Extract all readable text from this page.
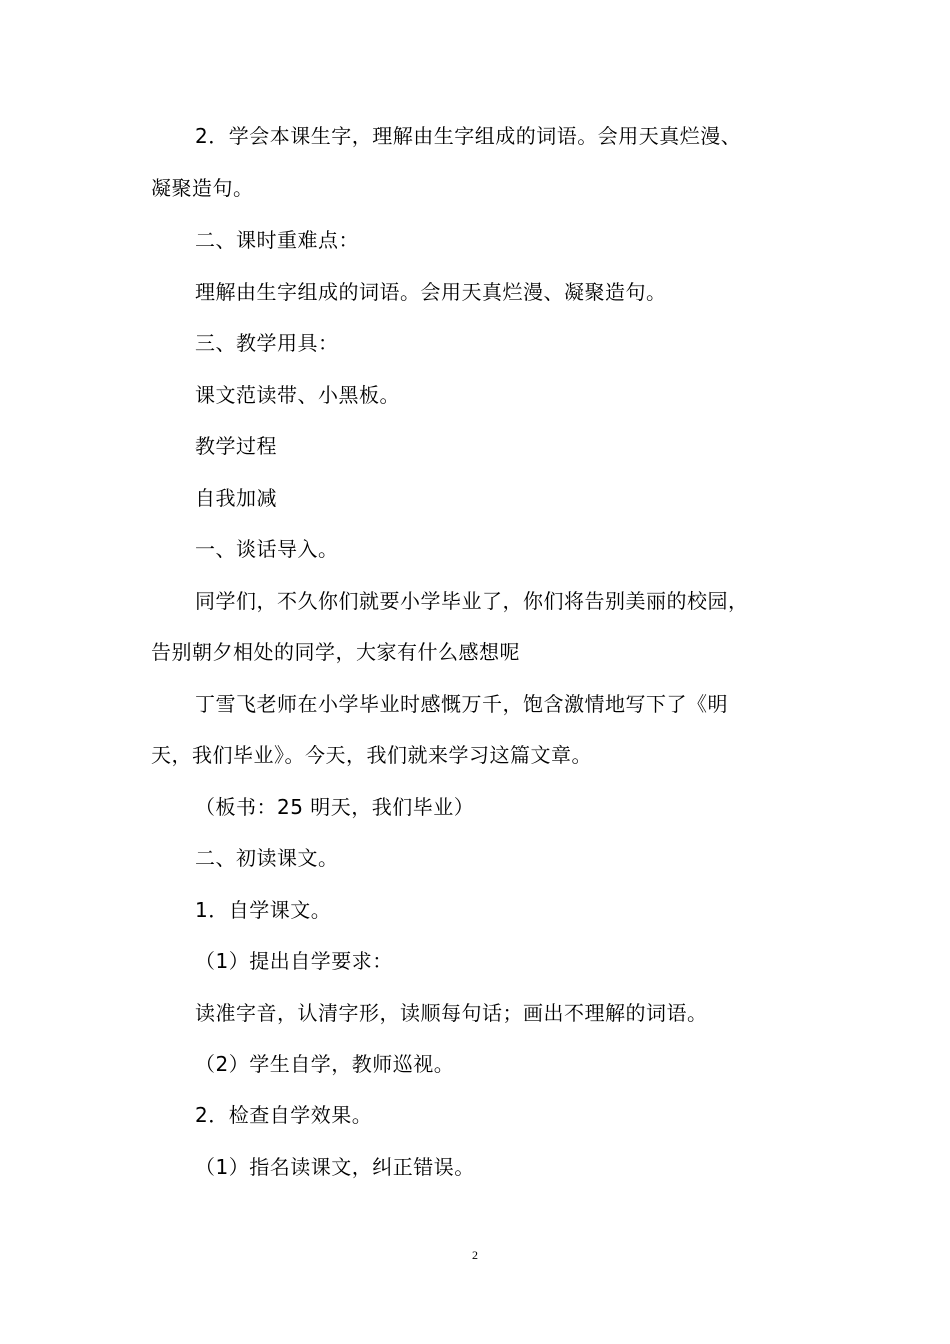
2．学会本课生字，理解由生字组成的词语。会用天真烂漫、
凝聚造句。
二、课时重难点：
理解由生字组成的词语。会用天真烂漫、凝聚造句。
三、教学用具：
课文范读带、小黑板。
教学过程
自我加减
一、谈话导入。
同学们，不久你们就要小学毕业了，你们将告别美丽的校园，
告别朝夕相处的同学，大家有什么感想呢
丁雪飞老师在小学毕业时感慨万千，饱含激情地写下了《明
天，我们毕业》。今天，我们就来学习这篇文章。
（板书：25 明天，我们毕业）
二、初读课文。
1．自学课文。
（1）提出自学要求：
读准字音，认清字形，读顺每句话；画出不理解的词语。
（2）学生自学，教师巡视。
2．检查自学效果。
（1）指名读课文，纠正错误。
2
